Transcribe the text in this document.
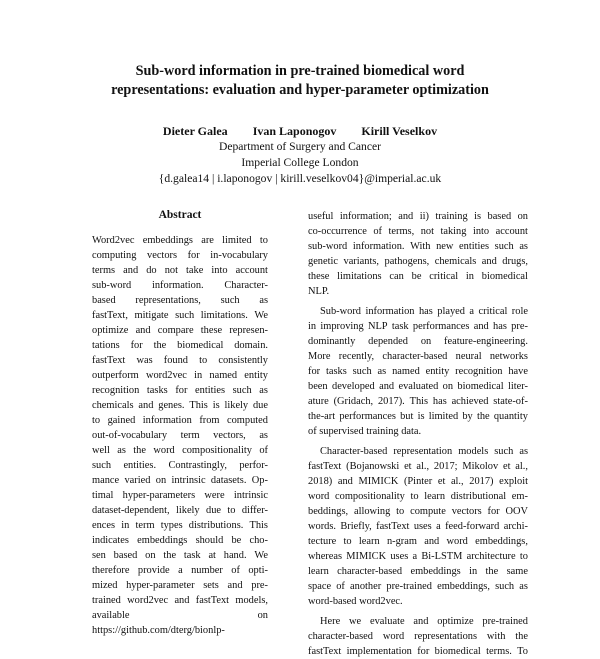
Sub-word information in pre-trained biomedical word
representations: evaluation and hyper-parameter optimization
Dieter Galea Ivan Laponogov Kirill Veselkov
Department of Surgery and Cancer
Imperial College London
{d.galea14 | i.laponogov | kirill.veselkov04}@imperial.ac.uk
Abstract
Word2vec embeddings are limited to
computing vectors for in-vocabulary
terms and do not take into account
sub-word information. Character-
based representations, such as
fastText, mitigate such limitations. We
optimize and compare these represen-
tations for the biomedical domain.
fastText was found to consistently
outperform word2vec in named entity
recognition tasks for entities such as
chemicals and genes. This is likely due
to gained information from computed
out-of-vocabulary term vectors, as
well as the word compositionality of
such entities. Contrastingly, perfor-
mance varied on intrinsic datasets. Op-
timal hyper-parameters were intrinsic
dataset-dependent, likely due to differ-
ences in term types distributions. This
indicates embeddings should be cho-
sen based on the task at hand. We
therefore provide a number of opti-
mized hyper-parameter sets and pre-
trained word2vec and fastText models,
available	on
https://github.com/dterg/bionlp-
useful information; and ii) training is based on
co-occurrence of terms, not taking into account
sub-word information. With new entities such as
genetic variants, pathogens, chemicals and drugs,
these limitations can be critical in biomedical
NLP.
Sub-word information has played a critical role
in improving NLP task performances and has pre-
dominantly depended on feature-engineering.
More recently, character-based neural networks
for tasks such as named entity recognition have
been developed and evaluated on biomedical liter-
ature (Gridach, 2017). This has achieved state-of-
the-art performances but is limited by the quantity
of supervised training data.
Character-based representation models such as
fastText (Bojanowski et al., 2017; Mikolov et al.,
2018) and MIMICK (Pinter et al., 2017) exploit
word compositionality to learn distributional em-
beddings, allowing to compute vectors for OOV
words. Briefly, fastText uses a feed-forward archi-
tecture to learn n-gram and word embeddings,
whereas MIMICK uses a Bi-LSTM architecture to
learn character-based embeddings in the same
space of another pre-trained embeddings, such as
word-based word2vec.
Here we evaluate and optimize pre-trained
character-based word representations with the
fastText implementation for biomedical terms. To
